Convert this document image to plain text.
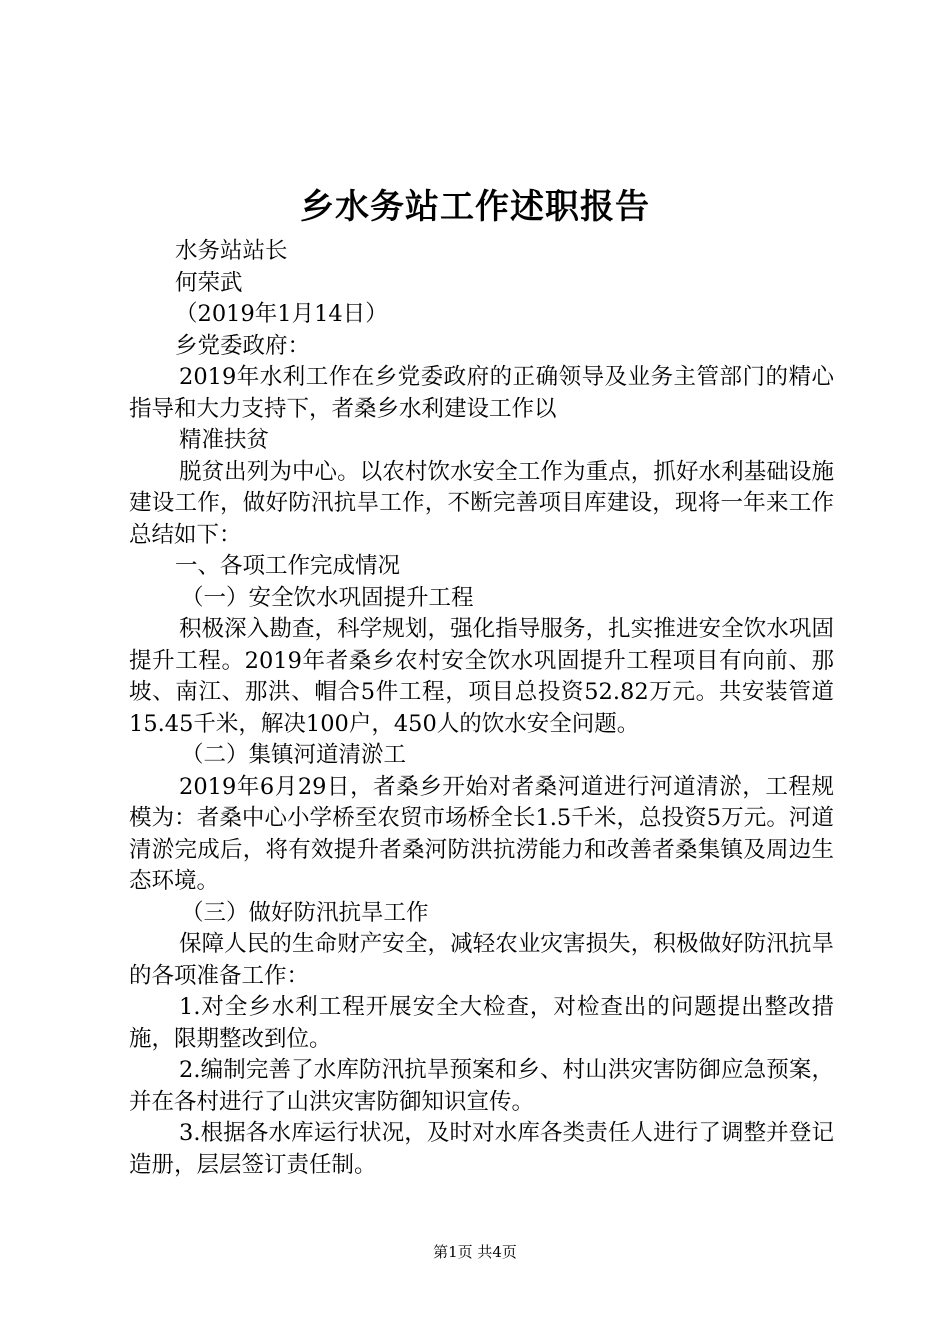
乡水务站工作述职报告

水务站站长

何荣武

（2019年1月14日）

乡党委政府：

2019年水利工作在乡党委政府的正确领导及业务主管部门的精心指导和大力支持下，者桑乡水利建设工作以

精准扶贫

脱贫出列为中心。以农村饮水安全工作为重点，抓好水利基础设施建设工作，做好防汛抗旱工作，不断完善项目库建设，现将一年来工作总结如下：

一、各项工作完成情况

（一）安全饮水巩固提升工程

积极深入勘查，科学规划，强化指导服务，扎实推进安全饮水巩固提升工程。2019年者桑乡农村安全饮水巩固提升工程项目有向前、那坡、南江、那洪、帽合5件工程，项目总投资52.82万元。共安装管道15.45千米，解决100户，450人的饮水安全问题。

（二）集镇河道清淤工

2019年6月29日，者桑乡开始对者桑河道进行河道清淤，工程规模为：者桑中心小学桥至农贸市场桥全长1.5千米，总投资5万元。河道清淤完成后，将有效提升者桑河防洪抗涝能力和改善者桑集镇及周边生态环境。

（三）做好防汛抗旱工作

保障人民的生命财产安全，减轻农业灾害损失，积极做好防汛抗旱的各项准备工作：

1.对全乡水利工程开展安全大检查，对检查出的问题提出整改措施，限期整改到位。

2.编制完善了水库防汛抗旱预案和乡、村山洪灾害防御应急预案，并在各村进行了山洪灾害防御知识宣传。

3.根据各水库运行状况，及时对水库各类责任人进行了调整并登记造册，层层签订责任制。

第1页 共4页
